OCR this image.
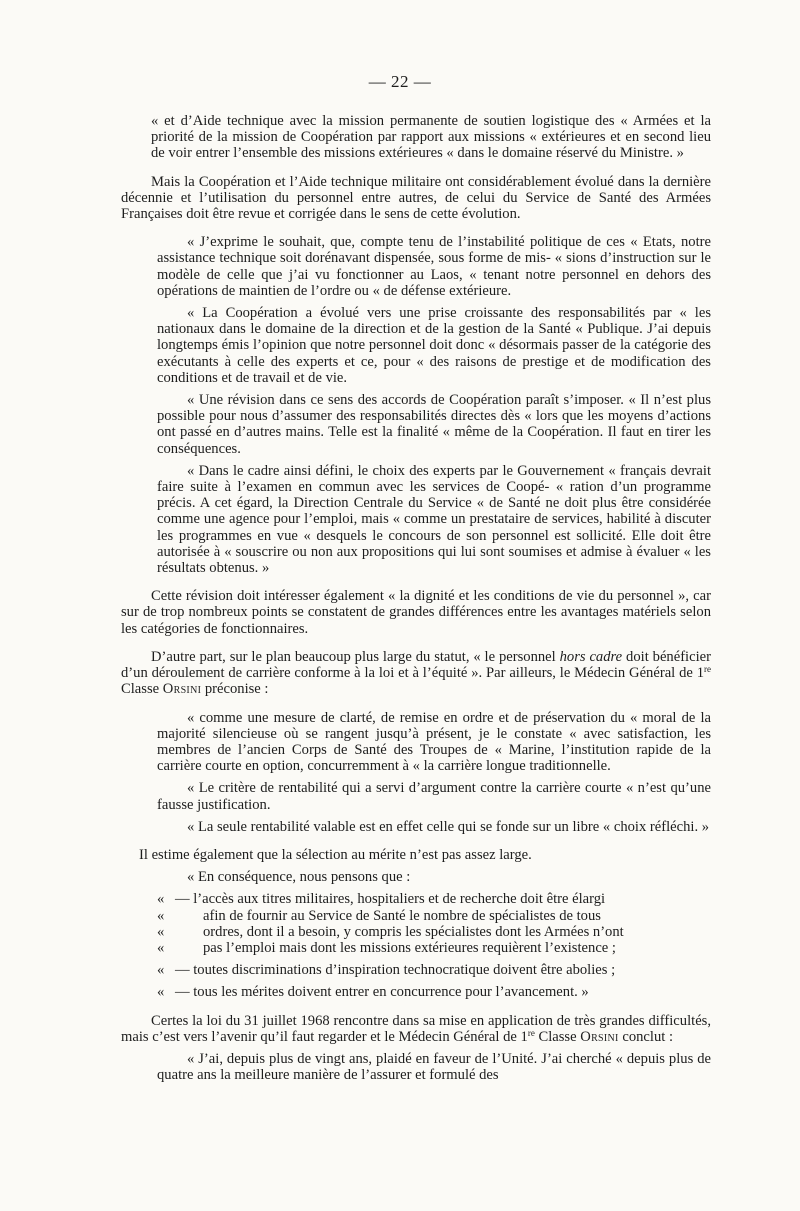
— 22 —

« et d’Aide technique avec la mission permanente de soutien logistique des « Armées et la priorité de la mission de Coopération par rapport aux missions « extérieures et en second lieu de voir entrer l’ensemble des missions extérieures « dans le domaine réservé du Ministre. »

Mais la Coopération et l’Aide technique militaire ont considérablement évolué dans la dernière décennie et l’utilisation du personnel entre autres, de celui du Service de Santé des Armées Françaises doit être revue et corrigée dans le sens de cette évolution.

« J’exprime le souhait, que, compte tenu de l’instabilité politique de ces « Etats, notre assistance technique soit dorénavant dispensée, sous forme de mis- « sions d’instruction sur le modèle de celle que j’ai vu fonctionner au Laos, « tenant notre personnel en dehors des opérations de maintien de l’ordre ou « de défense extérieure.

« La Coopération a évolué vers une prise croissante des responsabilités par « les nationaux dans le domaine de la direction et de la gestion de la Santé « Publique. J’ai depuis longtemps émis l’opinion que notre personnel doit donc « désormais passer de la catégorie des exécutants à celle des experts et ce, pour « des raisons de prestige et de modification des conditions et de travail et de vie.

« Une révision dans ce sens des accords de Coopération paraît s’imposer. « Il n’est plus possible pour nous d’assumer des responsabilités directes dès « lors que les moyens d’actions ont passé en d’autres mains. Telle est la finalité « même de la Coopération. Il faut en tirer les conséquences.

« Dans le cadre ainsi défini, le choix des experts par le Gouvernement « français devrait faire suite à l’examen en commun avec les services de Coopé- « ration d’un programme précis. A cet égard, la Direction Centrale du Service « de Santé ne doit plus être considérée comme une agence pour l’emploi, mais « comme un prestataire de services, habilité à discuter les programmes en vue « desquels le concours de son personnel est sollicité. Elle doit être autorisée à « souscrire ou non aux propositions qui lui sont soumises et admise à évaluer « les résultats obtenus. »

Cette révision doit intéresser également « la dignité et les conditions de vie du personnel », car sur de trop nombreux points se constatent de grandes différences entre les avantages matériels selon les catégories de fonctionnaires.

D’autre part, sur le plan beaucoup plus large du statut, « le personnel hors cadre doit bénéficier d’un déroulement de carrière conforme à la loi et à l’équité ». Par ailleurs, le Médecin Général de 1re Classe Orsini préconise :

« comme une mesure de clarté, de remise en ordre et de préservation du « moral de la majorité silencieuse où se rangent jusqu’à présent, je le constate « avec satisfaction, les membres de l’ancien Corps de Santé des Troupes de « Marine, l’institution rapide de la carrière courte en option, concurremment à « la carrière longue traditionnelle.

« Le critère de rentabilité qui a servi d’argument contre la carrière courte « n’est qu’une fausse justification.

« La seule rentabilité valable est en effet celle qui se fonde sur un libre « choix réfléchi. »

Il estime également que la sélection au mérite n’est pas assez large.

« En conséquence, nous pensons que :

« — l’accès aux titres militaires, hospitaliers et de recherche doit être élargi
«	afin de fournir au Service de Santé le nombre de spécialistes de tous
«	ordres, dont il a besoin, y compris les spécialistes dont les Armées n’ont
«	pas l’emploi mais dont les missions extérieures requièrent l’existence ;
« — toutes discriminations d’inspiration technocratique doivent être abolies ;
« — tous les mérites doivent entrer en concurrence pour l’avancement. »

Certes la loi du 31 juillet 1968 rencontre dans sa mise en application de très grandes difficultés, mais c’est vers l’avenir qu’il faut regarder et le Médecin Général de 1re Classe Orsini conclut :

« J’ai, depuis plus de vingt ans, plaidé en faveur de l’Unité. J’ai cherché « depuis plus de quatre ans la meilleure manière de l’assurer et formulé des
